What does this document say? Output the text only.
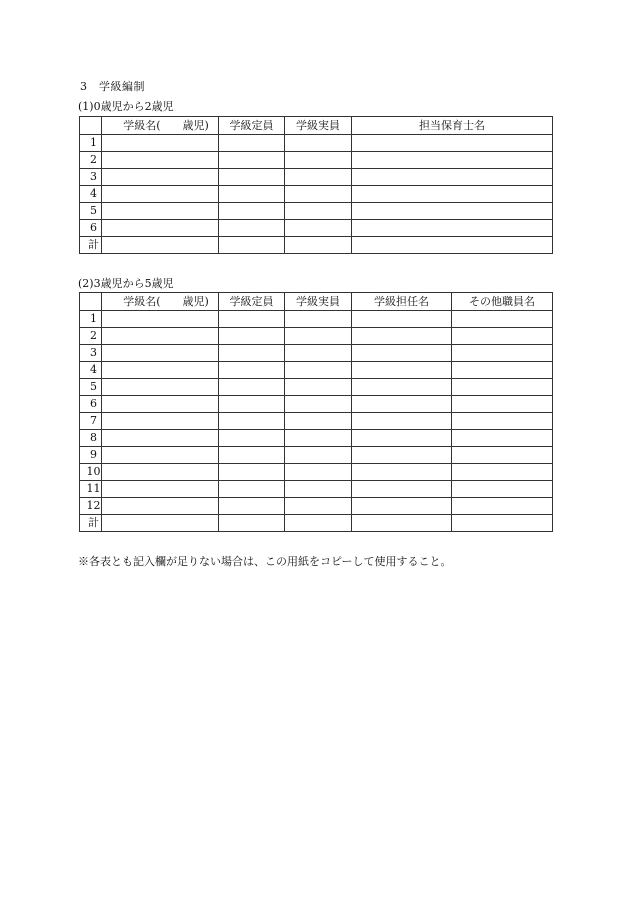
3　学級編制
(1)0歳児から2歳児
	学級名(　　歳児)	学級定員	学級実員	担当保育士名
1				
2				
3				
4				
5				
6				
計				
(2)3歳児から5歳児
	学級名(　　歳児)	学級定員	学級実員	学級担任名	その他職員名
1					
2					
3					
4					
5					
6					
7					
8					
9					
10					
11					
12					
計					
※各表とも記入欄が足りない場合は、この用紙をコピーして使用すること。
